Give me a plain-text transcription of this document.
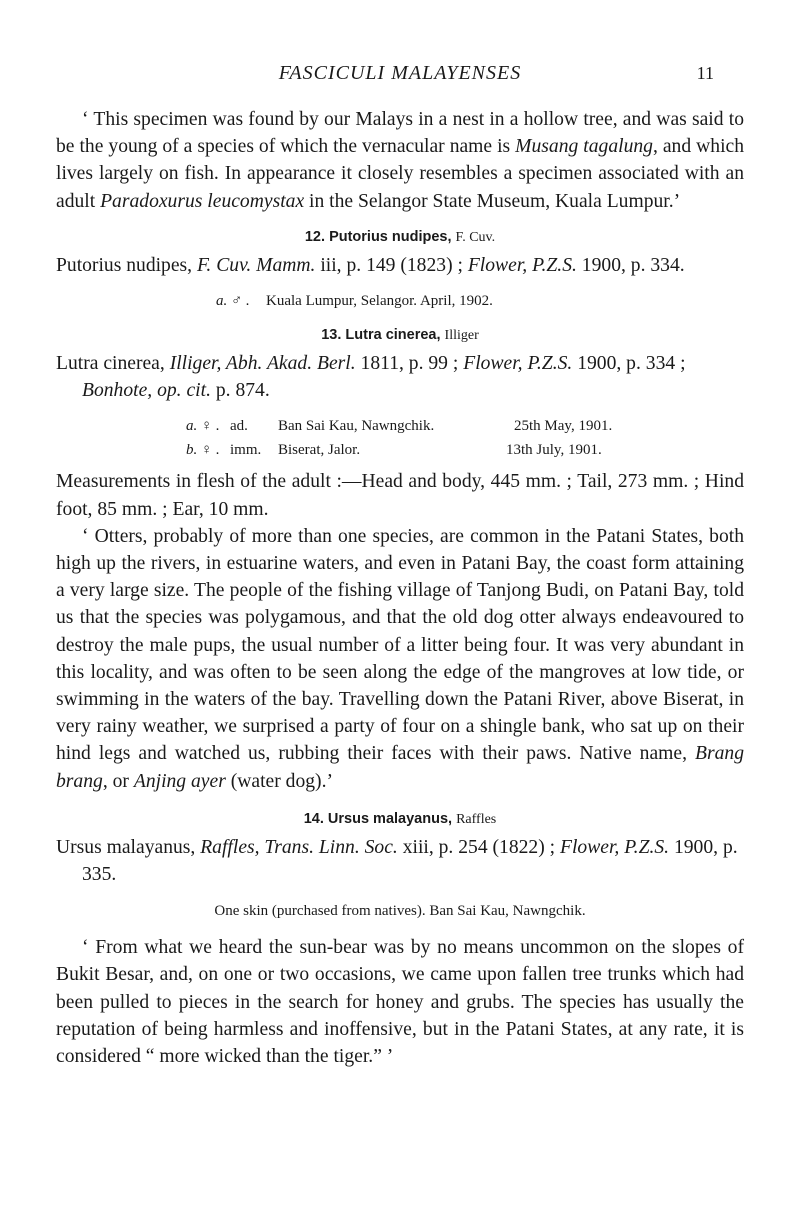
FASCICULI MALAYENSES	11

‘ This specimen was found by our Malays in a nest in a hollow tree, and was said to be the young of a species of which the vernacular name is Musang tagalung, and which lives largely on fish. In appearance it closely resembles a specimen associated with an adult Paradoxurus leucomystax in the Selangor State Museum, Kuala Lumpur.’

12. Putorius nudipes, F. Cuv.

Putorius nudipes, F. Cuv. Mamm. iii, p. 149 (1823) ; Flower, P.Z.S. 1900, p. 334.

a. ♂ . Kuala Lumpur, Selangor. April, 1902.
13. Lutra cinerea, Illiger

Lutra cinerea, Illiger, Abh. Akad. Berl. 1811, p. 99 ; Flower, P.Z.S. 1900, p. 334 ; Bonhote, op. cit. p. 874.

a. ♀ . ad. Ban Sai Kau, Nawngchik.	25th May, 1901.
b. ♀ . imm. Biserat, Jalor.	13th July, 1901.

Measurements in flesh of the adult :—Head and body, 445 mm. ; Tail, 273 mm. ; Hind foot, 85 mm. ; Ear, 10 mm.

‘ Otters, probably of more than one species, are common in the Patani States, both high up the rivers, in estuarine waters, and even in Patani Bay, the coast form attaining a very large size. The people of the fishing village of Tanjong Budi, on Patani Bay, told us that the species was polygamous, and that the old dog otter always endeavoured to destroy the male pups, the usual number of a litter being four. It was very abundant in this locality, and was often to be seen along the edge of the mangroves at low tide, or swimming in the waters of the bay. Travelling down the Patani River, above Biserat, in very rainy weather, we surprised a party of four on a shingle bank, who sat up on their hind legs and watched us, rubbing their faces with their paws. Native name, Brang brang, or Anjing ayer (water dog).’

14. Ursus malayanus, Raffles

Ursus malayanus, Raffles, Trans. Linn. Soc. xiii, p. 254 (1822) ; Flower, P.Z.S. 1900, p. 335.

One skin (purchased from natives). Ban Sai Kau, Nawngchik.

‘ From what we heard the sun-bear was by no means uncommon on the slopes of Bukit Besar, and, on one or two occasions, we came upon fallen tree trunks which had been pulled to pieces in the search for honey and grubs. The species has usually the reputation of being harmless and inoffensive, but in the Patani States, at any rate, it is considered “ more wicked than the tiger.” ’
